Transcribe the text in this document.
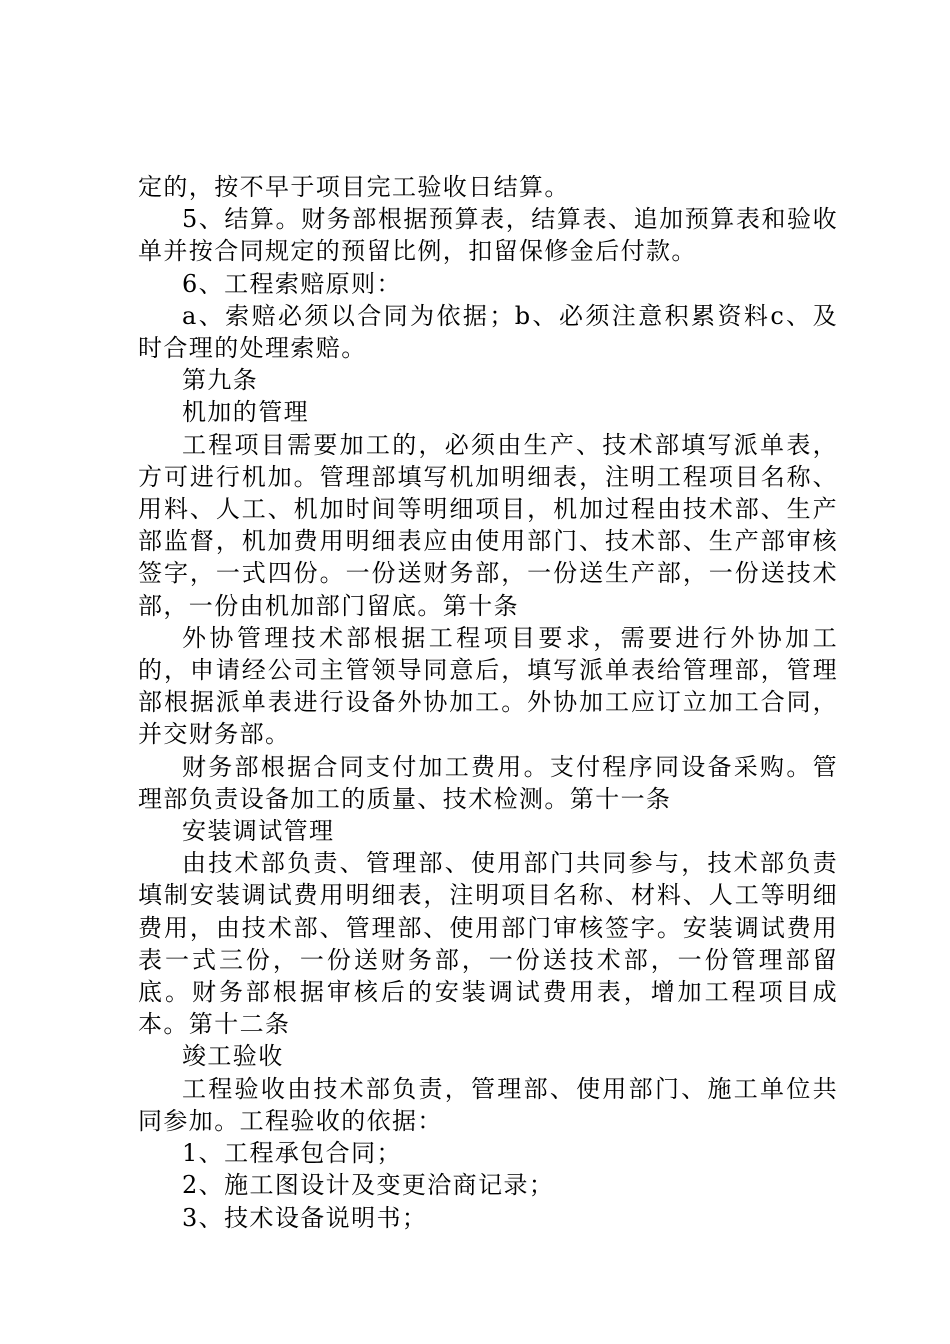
定的，按不早于项目完工验收日结算。

5、结算。财务部根据预算表，结算表、追加预算表和验收单并按合同规定的预留比例，扣留保修金后付款。

6、工程索赔原则：

a、索赔必须以合同为依据；b、必须注意积累资料c、及时合理的处理索赔。

第九条

机加的管理

工程项目需要加工的，必须由生产、技术部填写派单表，方可进行机加。管理部填写机加明细表，注明工程项目名称、用料、人工、机加时间等明细项目，机加过程由技术部、生产部监督，机加费用明细表应由使用部门、技术部、生产部审核签字，一式四份。一份送财务部，一份送生产部，一份送技术部，一份由机加部门留底。第十条

外协管理技术部根据工程项目要求，需要进行外协加工的，申请经公司主管领导同意后，填写派单表给管理部，管理部根据派单表进行设备外协加工。外协加工应订立加工合同，并交财务部。

财务部根据合同支付加工费用。支付程序同设备采购。管理部负责设备加工的质量、技术检测。第十一条

安装调试管理

由技术部负责、管理部、使用部门共同参与，技术部负责填制安装调试费用明细表，注明项目名称、材料、人工等明细费用，由技术部、管理部、使用部门审核签字。安装调试费用表一式三份，一份送财务部，一份送技术部，一份管理部留底。财务部根据审核后的安装调试费用表，增加工程项目成本。第十二条

竣工验收

工程验收由技术部负责，管理部、使用部门、施工单位共同参加。工程验收的依据：

1、工程承包合同；

2、施工图设计及变更洽商记录；

3、技术设备说明书；
